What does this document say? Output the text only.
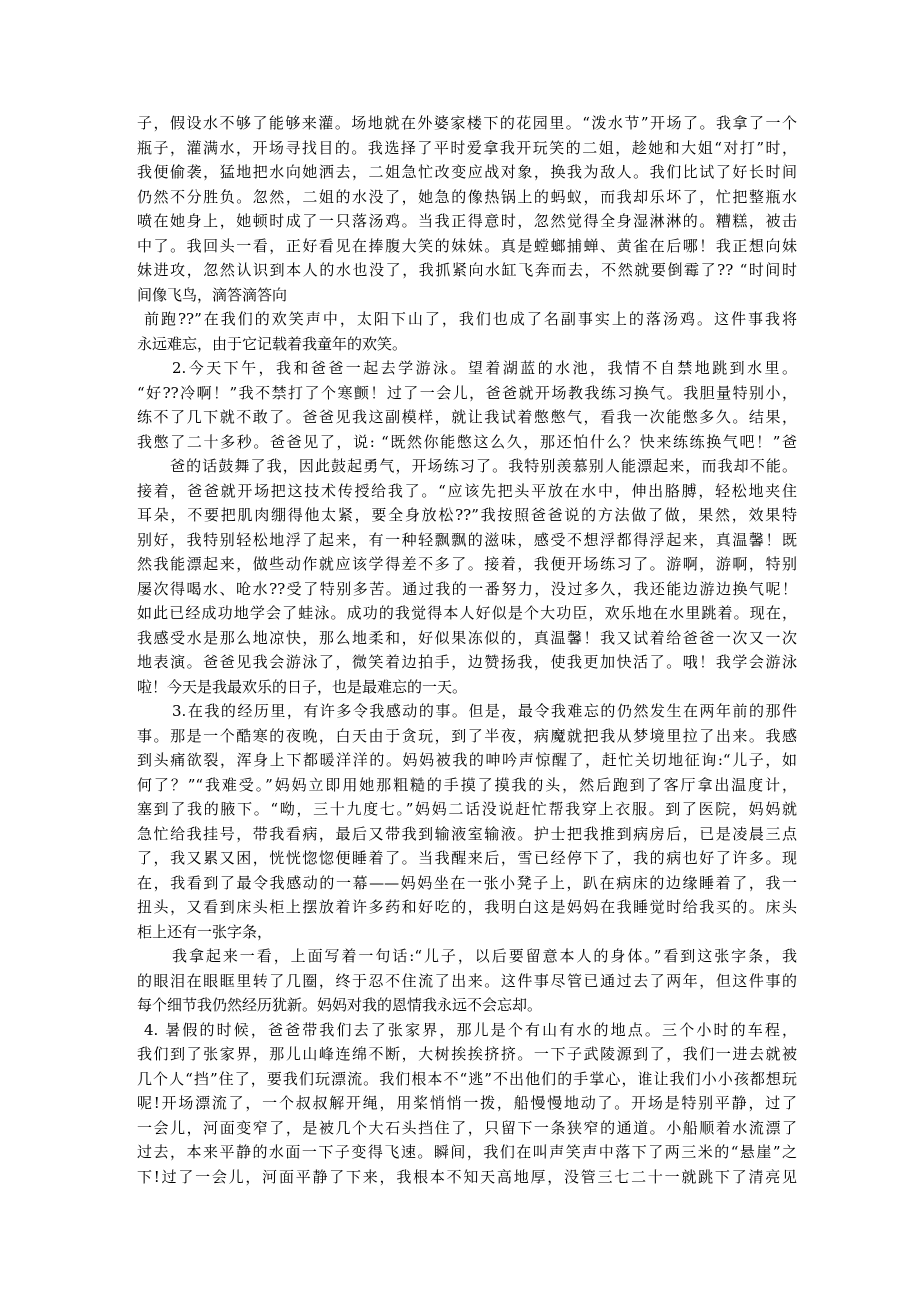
子，假设水不够了能够来灌。场地就在外婆家楼下的花园里。“泼水节”开场了。我拿了一个
瓶子，灌满水，开场寻找目的。我选择了平时爱拿我开玩笑的二姐，趁她和大姐“对打”时，
我便偷袭，猛地把水向她洒去，二姐急忙改变应战对象，换我为敌人。我们比试了好长时间
仍然不分胜负。忽然，二姐的水没了，她急的像热锅上的蚂蚁，而我却乐坏了，忙把整瓶水
喷在她身上，她顿时成了一只落汤鸡。当我正得意时，忽然觉得全身湿淋淋的。糟糕，被击
中了。我回头一看，正好看见在捧腹大笑的妹妹。真是螳螂捕蝉、黄雀在后哪！我正想向妹
妹进攻，忽然认识到本人的水也没了，我抓紧向水缸飞奔而去，不然就要倒霉了?? “时间时
间像飞鸟，滴答滴答向
前跑??”在我们的欢笑声中，太阳下山了，我们也成了名副事实上的落汤鸡。这件事我将
永远难忘，由于它记载着我童年的欢笑。
2.今天下午，我和爸爸一起去学游泳。望着湖蓝的水池，我情不自禁地跳到水里。
“好??冷啊！”我不禁打了个寒颤！过了一会儿，爸爸就开场教我练习换气。我胆量特别小，
练不了几下就不敢了。爸爸见我这副模样，就让我试着憋憋气，看我一次能憋多久。结果，
我憋了二十多秒。爸爸见了，说: “既然你能憋这么久，那还怕什么？快来练练换气吧！”爸
爸的话鼓舞了我，因此鼓起勇气，开场练习了。我特别羡慕别人能漂起来，而我却不能。
接着，爸爸就开场把这技术传授给我了。“应该先把头平放在水中，伸出胳膊，轻松地夹住
耳朵，不要把肌肉绷得他太紧，要全身放松??”我按照爸爸说的方法做了做，果然，效果特
别好，我特别轻松地浮了起来，有一种轻飘飘的滋味，感受不想浮都得浮起来，真温馨！既
然我能漂起来，做些动作就应该学得差不多了。接着，我便开场练习了。游啊，游啊，特别
屡次得喝水、呛水??受了特别多苦。通过我的一番努力，没过多久，我还能边游边换气呢！
如此已经成功地学会了蛙泳。成功的我觉得本人好似是个大功臣，欢乐地在水里跳着。现在，
我感受水是那么地凉快，那么地柔和，好似果冻似的，真温馨！我又试着给爸爸一次又一次
地表演。爸爸见我会游泳了，微笑着边拍手，边赞扬我，使我更加快活了。哦！我学会游泳
啦！今天是我最欢乐的日子，也是最难忘的一天。
3.在我的经历里，有许多令我感动的事。但是，最令我难忘的仍然发生在两年前的那件
事。那是一个酷寒的夜晚，白天由于贪玩，到了半夜，病魔就把我从梦境里拉了出来。我感
到头痛欲裂，浑身上下都暖洋洋的。妈妈被我的呻吟声惊醒了，赶忙关切地征询:“儿子，如
何了？”“我难受。”妈妈立即用她那粗糙的手摸了摸我的头，然后跑到了客厅拿出温度计，
塞到了我的腋下。“呦，三十九度七。”妈妈二话没说赶忙帮我穿上衣服。到了医院，妈妈就
急忙给我挂号，带我看病，最后又带我到输液室输液。护士把我推到病房后，已是凌晨三点
了，我又累又困，恍恍惚惚便睡着了。当我醒来后，雪已经停下了，我的病也好了许多。现
在，我看到了最令我感动的一幕——妈妈坐在一张小凳子上，趴在病床的边缘睡着了，我一
扭头，又看到床头柜上摆放着许多药和好吃的，我明白这是妈妈在我睡觉时给我买的。床头
柜上还有一张字条，
我拿起来一看，上面写着一句话:“儿子，以后要留意本人的身体。”看到这张字条，我
的眼泪在眼眶里转了几圈，终于忍不住流了出来。这件事尽管已通过去了两年，但这件事的
每个细节我仍然经历犹新。妈妈对我的恩情我永远不会忘却。
4. 暑假的时候，爸爸带我们去了张家界，那儿是个有山有水的地点。三个小时的车程，
我们到了张家界，那儿山峰连绵不断，大树挨挨挤挤。一下子武陵源到了，我们一进去就被
几个人“挡”住了，要我们玩漂流。我们根本不“逃”不出他们的手掌心，谁让我们小小孩都想玩
呢!开场漂流了，一个叔叔解开绳，用桨悄悄一拨，船慢慢地动了。开场是特别平静，过了
一会儿，河面变窄了，是被几个大石头挡住了，只留下一条狭窄的通道。小船顺着水流漂了
过去，本来平静的水面一下子变得飞速。瞬间，我们在叫声笑声中落下了两三米的“悬崖”之
下!过了一会儿，河面平静了下来，我根本不知天高地厚，没管三七二十一就跳下了清亮见
